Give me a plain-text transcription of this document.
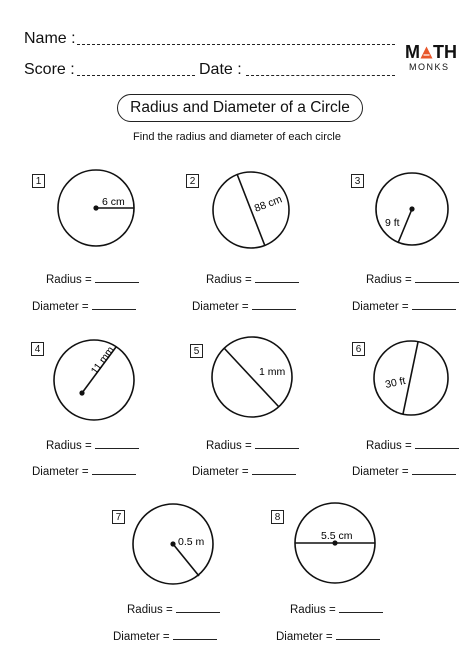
Name :
Score :	Date :
M TH
MONKS
Radius and Diameter of a Circle
Find the radius and diameter of each circle
1	2	3
4	5	6
7	8
6 cm	88 cm
9 ft
11 mm	1 mm
30 ft
0.5 m	5.5 cm
Radius =
Diameter =
Radius =
Diameter =
Radius =
Diameter =
Radius =
Diameter =
Radius =
Diameter =
Radius =
Diameter =
Radius =
Diameter =
Radius =
Diameter =
